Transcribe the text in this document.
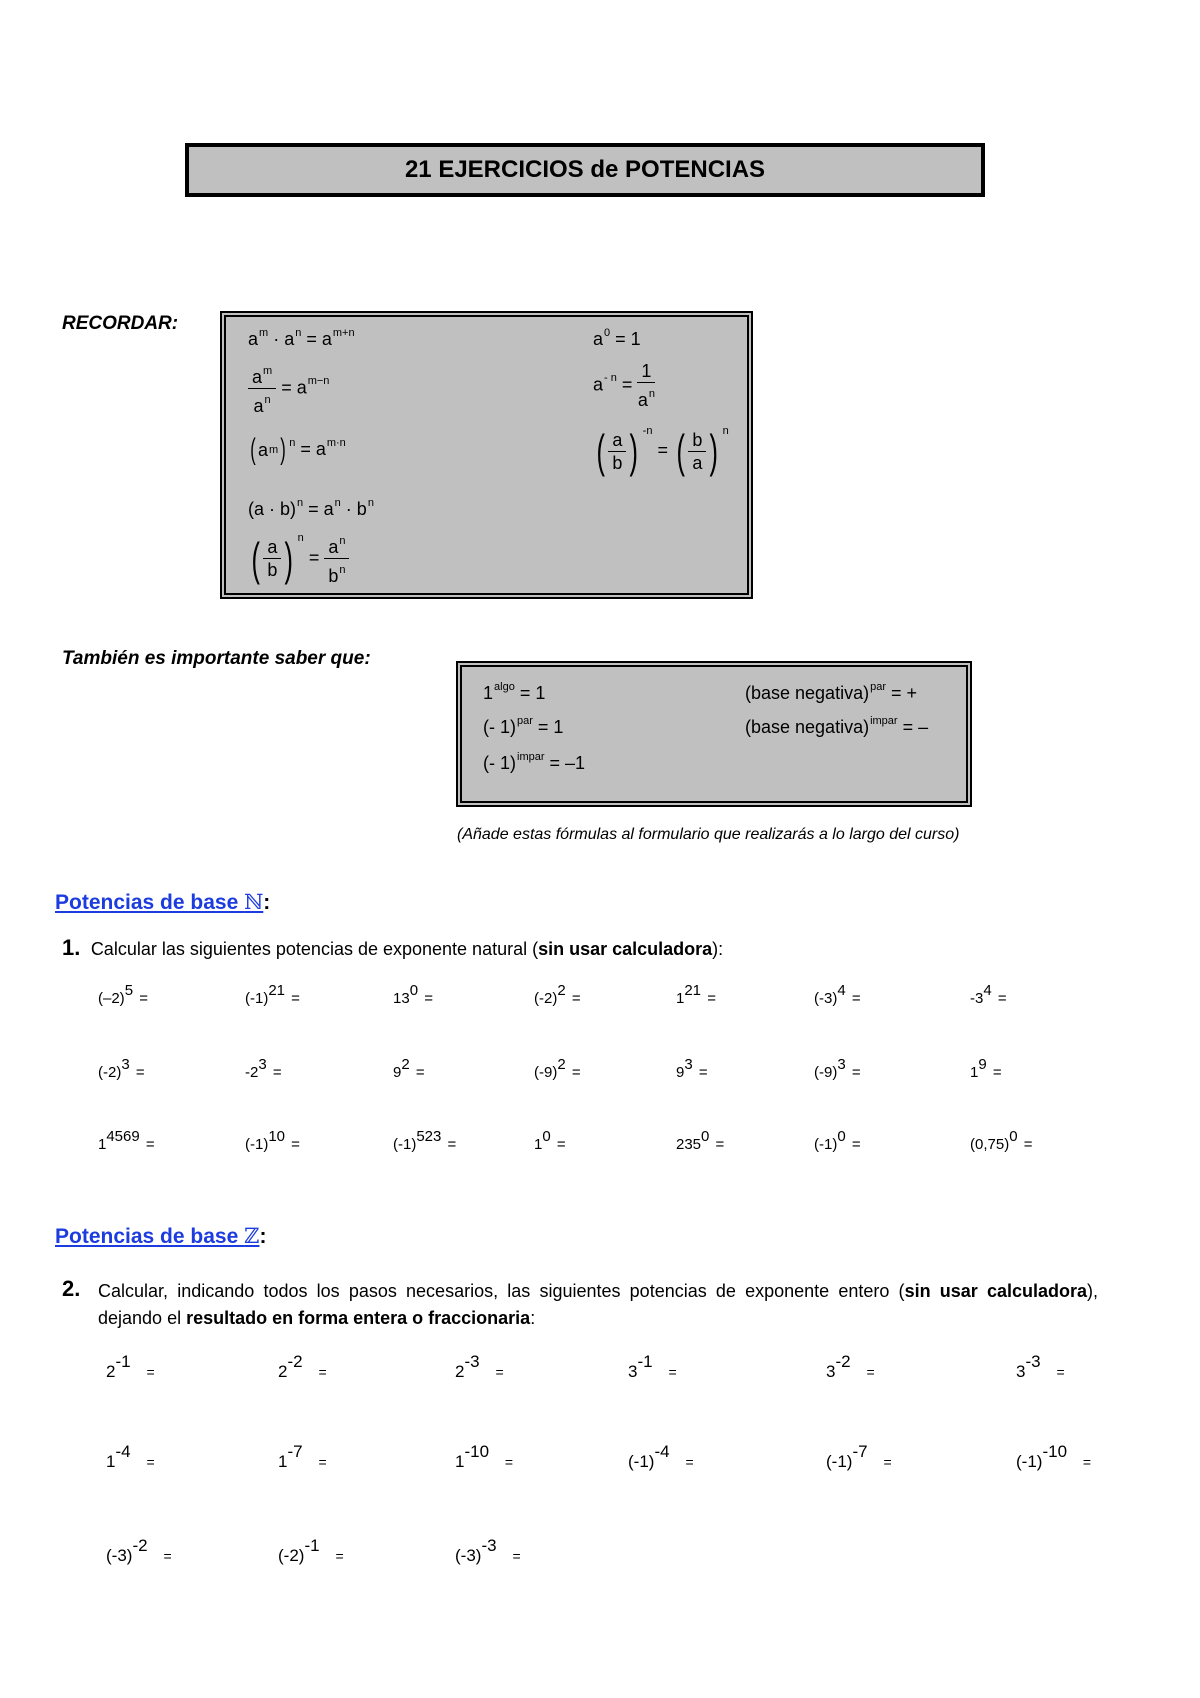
21 EJERCICIOS de POTENCIAS
RECORDAR:
$a^m \cdot a^n = a^{m+n}$
$\frac{a^m}{a^n} = a^{m-n}$
( a m ) $^n = a^{m\cdot n}$
$(a \cdot b)^n = a^n \cdot b^n$
( $\frac{a}{b}$ ) $^n = \frac{a^n}{b^n}$
$a^0 = 1$
$a^{- n} = \frac{1}{a^n}$
( $\frac{a}{b}$ ) $^{-n}$ = ( $\frac{b}{a}$ ) $^n$
También es importante saber que:
$1^{algo} = 1$
(- 1)$^{par}$ = 1
(- 1)$^{impar}$ = –1
(base negativa)$^{par}$ = +
(base negativa)$^{impar}$ = –
(Añade estas fórmulas al formulario que realizarás a lo largo del curso)
Potencias de base ℕ:
1. Calcular las siguientes potencias de exponente natural (sin usar calculadora):
$(-2)^5$ =	$(-1)^{21}$ =	$13^0$ =	$(-2)^2$ =	$1^{21}$ =	$(-3)^4$ =	$-3^4$ =
$(-2)^3$ =	$-2^3$ =	$9^2$ =	$(-9)^2$ =	$9^3$ =	$(-9)^3$ =	$1^9$ =
$1^{4569}$ =	$(-1)^{10}$ =	$(-1)^{523}$ =	$1^0$ =	$235^0$ =	$(-1)^0$ =	$(0,75)^0$ =
Potencias de base ℤ:
2. Calcular, indicando todos los pasos necesarios, las siguientes potencias de exponente entero (sin usar calculadora), dejando el resultado en forma entera o fraccionaria:
$2^{-1}$ =	$2^{-2}$ =	$2^{-3}$ =	$3^{-1}$ =	$3^{-2}$ =	$3^{-3}$ =
$1^{-4}$ =	$1^{-7}$ =	$1^{-10}$ =	$(-1)^{-4}$ =	$(-1)^{-7}$ =	$(-1)^{-10}$ =
$(-3)^{-2}$ =	$(-2)^{-1}$ =	$(-3)^{-3}$ =
